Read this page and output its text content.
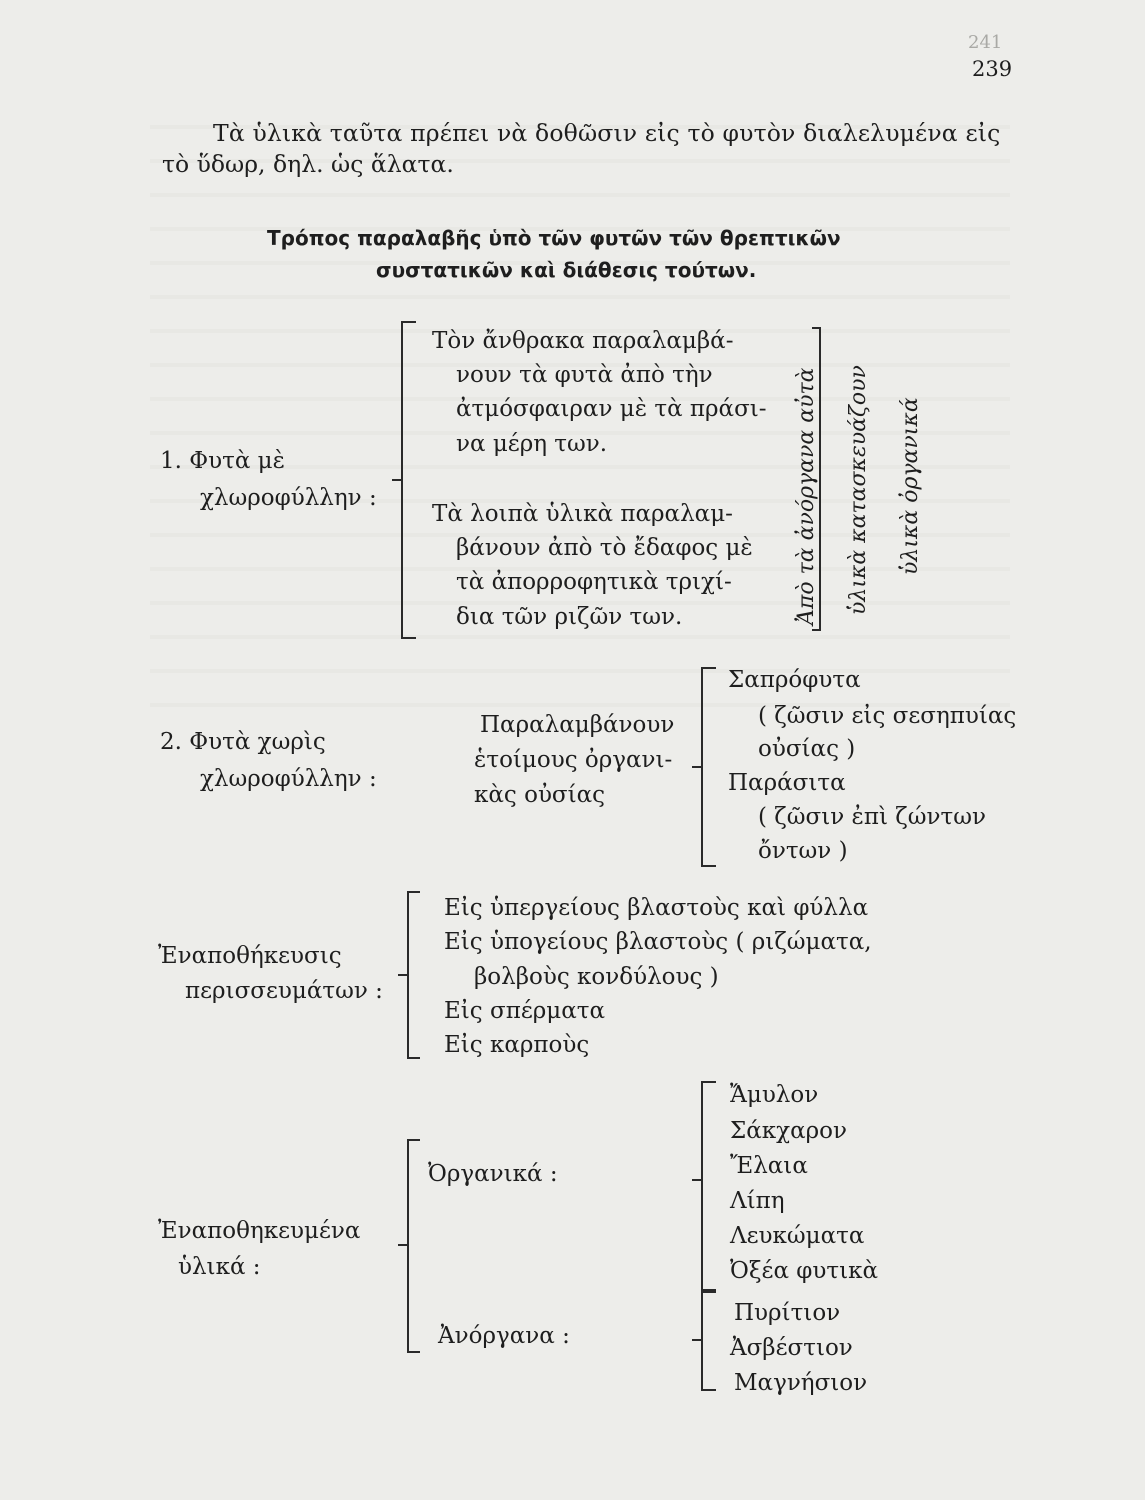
241
239
Τὰ ὑλικὰ ταῦτα πρέπει νὰ δοθῶσιν εἰς τὸ φυτὸν διαλελυμένα εἰς
τὸ ὕδωρ, δηλ. ὡς ἅλατα.
Τρόπος παραλαβῆς ὑπὸ τῶν φυτῶν τῶν θρεπτικῶν
συστατικῶν καὶ διάθεσις τούτων.
1. Φυτὰ μὲ
χλωροφύλλην :
Τὸν ἄνθρακα παραλαμβά-
νουν τὰ φυτὰ ἀπὸ τὴν
ἀτμόσφαιραν μὲ τὰ πράσι-
να μέρη των.
Τὰ λοιπὰ ὑλικὰ παραλαμ-
βάνουν ἀπὸ τὸ ἔδαφος μὲ
τὰ ἀπορροφητικὰ τριχί-
δια τῶν ριζῶν των.	Ἀπὸ τὰ ἀνόργανα αὐτὰ ὑλικὰ κατασκευάζουν ὑλικὰ ὀργανικά
2. Φυτὰ χωρὶς
χλωροφύλλην :
Παραλαμβάνουν
ἑτοίμους ὀργανι-
κὰς οὐσίας
Σαπρόφυτα
( ζῶσιν εἰς σεσηπυίας
οὐσίας )
Παράσιτα
( ζῶσιν ἐπὶ ζώντων
ὄντων )
Ἐναποθήκευσις
περισσευμάτων :
Εἰς ὑπεργείους βλαστοὺς καὶ φύλλα
Εἰς ὑπογείους βλαστοὺς ( ριζώματα,
βολβοὺς κονδύλους )
Εἰς σπέρματα
Εἰς καρποὺς
Ἐναποθηκευμένα
ὑλικά :
Ὀργανικά :
Ἀνόργανα :
Ἄμυλον
Σάκχαρον
Ἔλαια
Λίπη
Λευκώματα
Ὀξέα φυτικὰ
Πυρίτιον
Ἀσβέστιον
Μαγνήσιον
